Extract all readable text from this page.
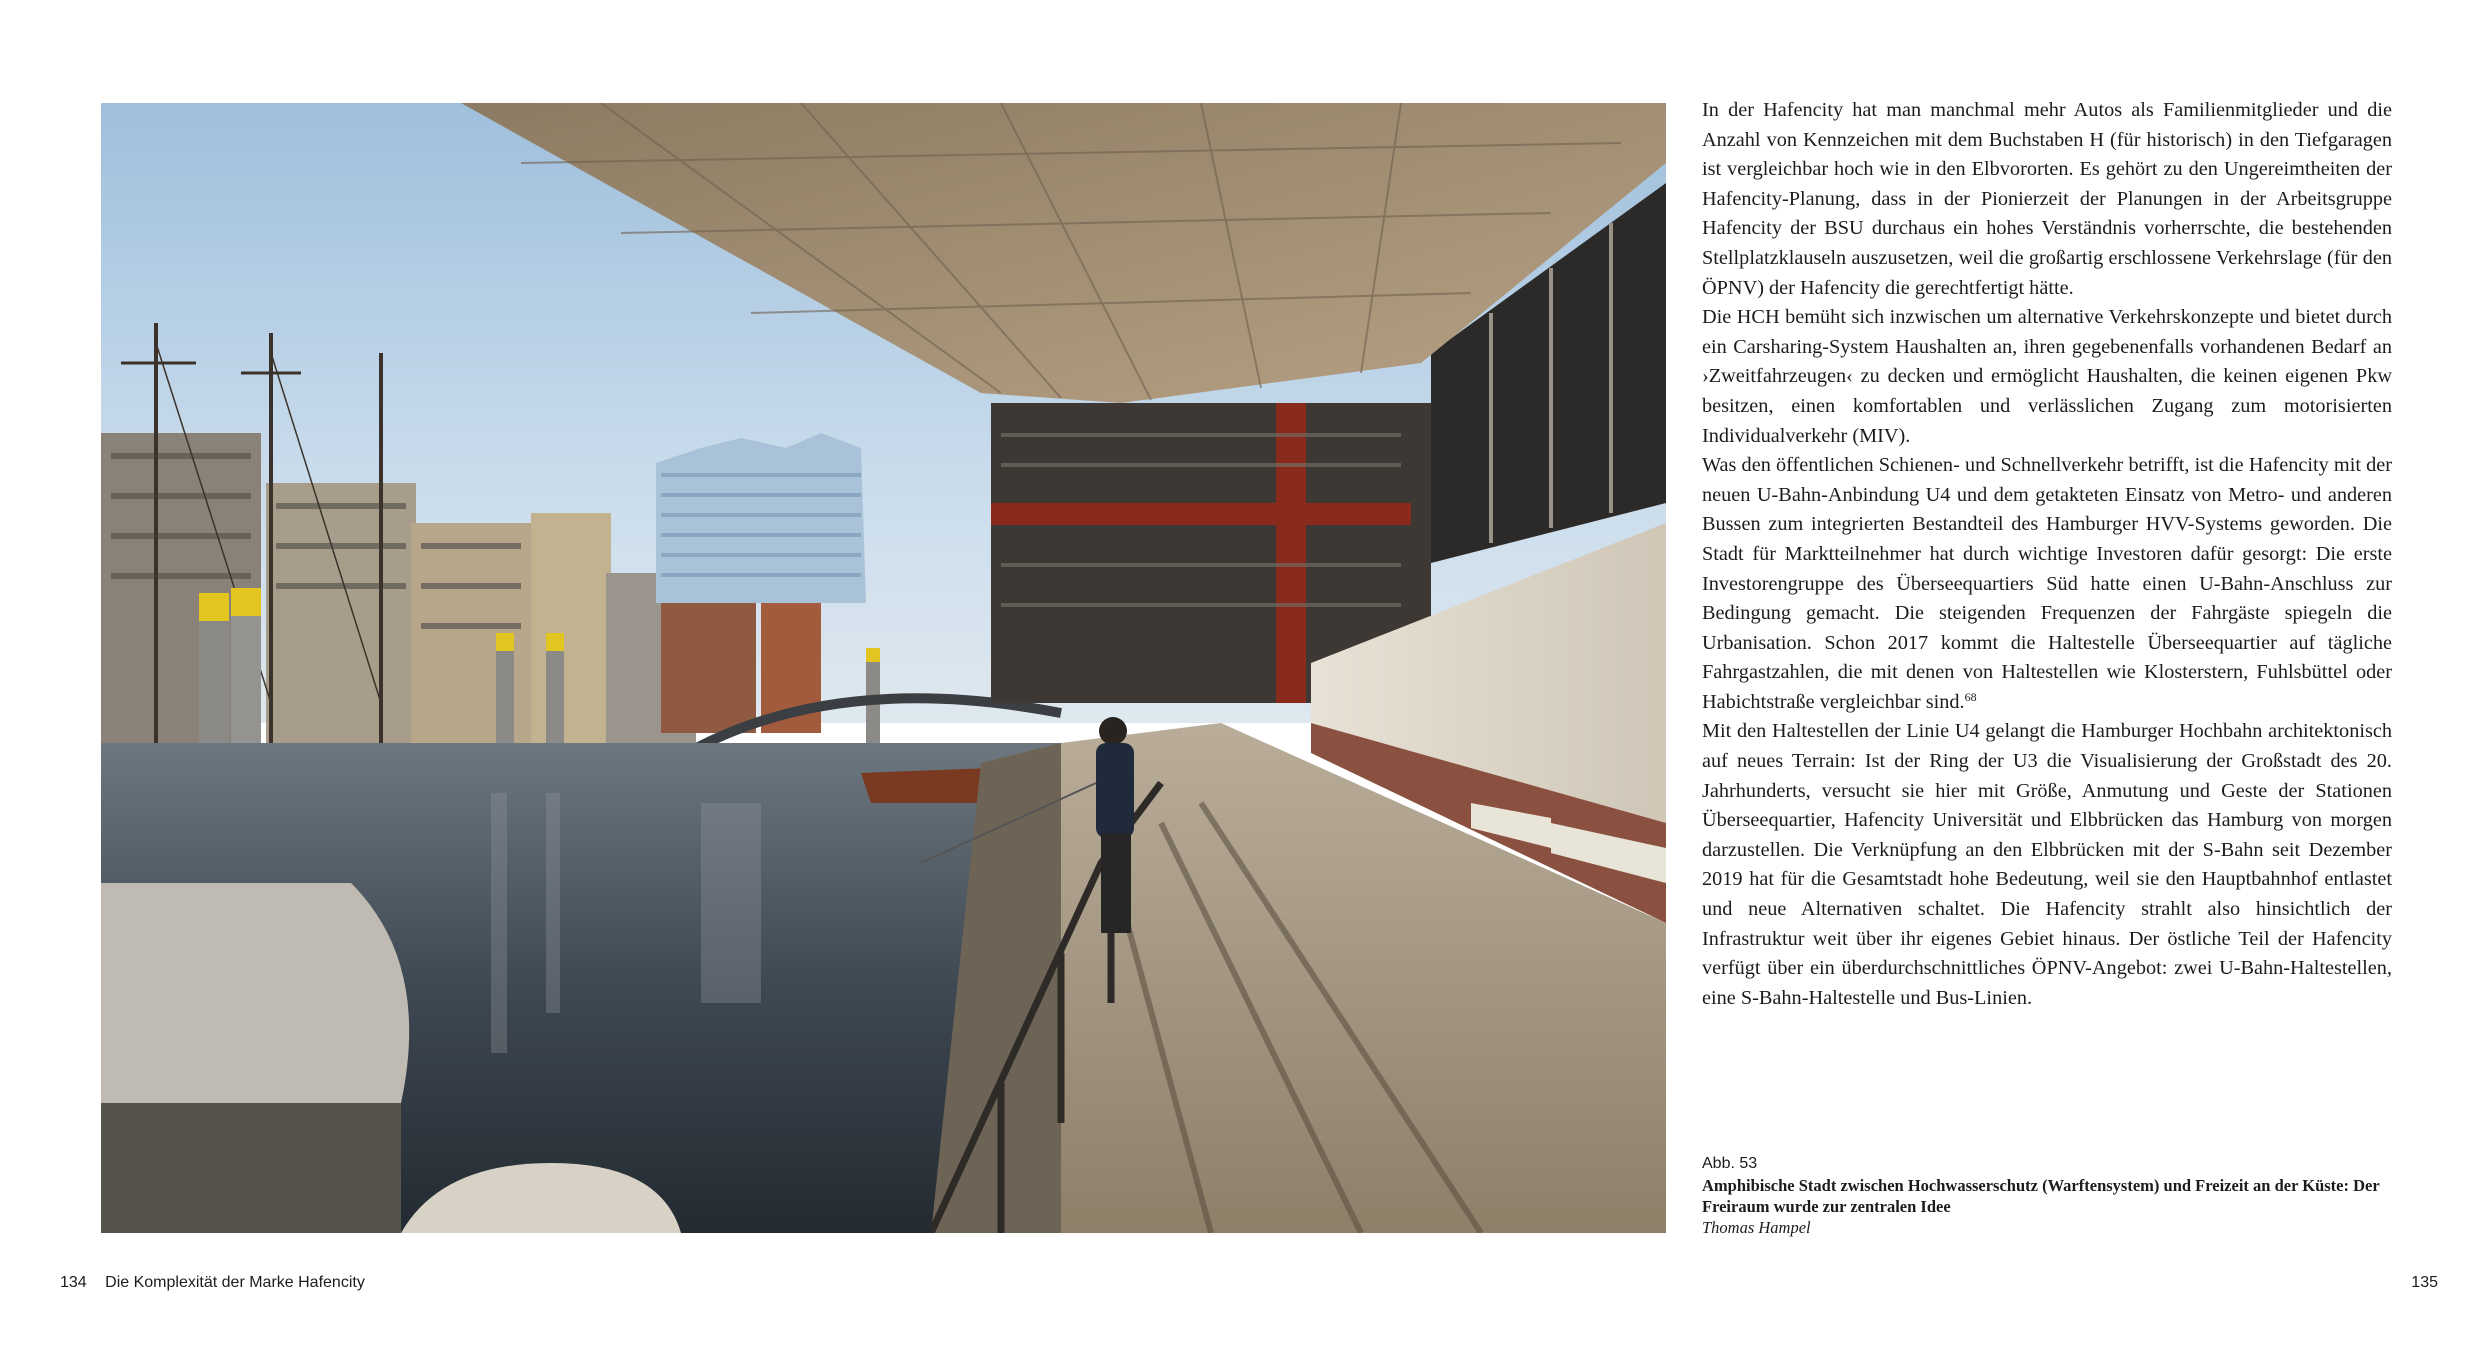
In der Hafencity hat man manchmal mehr Autos als Familienmitglieder und die Anzahl von Kennzeichen mit dem Buchstaben H (für historisch) in den Tiefgaragen ist vergleichbar hoch wie in den Elbvororten. Es gehört zu den Ungereimtheiten der Hafencity-Planung, dass in der Pionierzeit der Planungen in der Arbeitsgruppe Hafencity der BSU durchaus ein hohes Verständnis vorherrschte, die bestehenden Stellplatzklauseln auszusetzen, weil die großartig erschlossene Verkehrslage (für den ÖPNV) der Hafencity die gerechtfertigt hätte.

Die HCH bemüht sich inzwischen um alternative Verkehrskonzepte und bietet durch ein Carsharing-System Haushalten an, ihren gegebenenfalls vorhandenen Bedarf an ›Zweitfahrzeugen‹ zu decken und ermöglicht Haushalten, die keinen eigenen Pkw besitzen, einen komfortablen und verlässlichen Zugang zum motorisierten Individualverkehr (MIV).

Was den öffentlichen Schienen- und Schnellverkehr betrifft, ist die Hafencity mit der neuen U-Bahn-Anbindung U4 und dem getakteten Einsatz von Metro- und anderen Bussen zum integrierten Bestandteil des Hamburger HVV-Systems geworden. Die Stadt für Marktteilnehmer hat durch wichtige Investoren dafür gesorgt: Die erste Investorengruppe des Überseequartiers Süd hatte einen U-Bahn-Anschluss zur Bedingung gemacht. Die steigenden Frequenzen der Fahrgäste spiegeln die Urbanisation. Schon 2017 kommt die Haltestelle Überseequartier auf tägliche Fahrgastzahlen, die mit denen von Haltestellen wie Klosterstern, Fuhlsbüttel oder Habichtstraße vergleichbar sind.$^{68}$

Mit den Haltestellen der Linie U4 gelangt die Hamburger Hochbahn architektonisch auf neues Terrain: Ist der Ring der U3 die Visualisierung der Großstadt des 20. Jahrhunderts, versucht sie hier mit Größe, Anmutung und Geste der Stationen Überseequartier, Hafencity Universität und Elbbrücken das Hamburg von morgen darzustellen. Die Verknüpfung an den Elbbrücken mit der S-Bahn seit Dezember 2019 hat für die Gesamtstadt hohe Bedeutung, weil sie den Hauptbahnhof entlastet und neue Alternativen schaltet. Die Hafencity strahlt also hinsichtlich der Infrastruktur weit über ihr eigenes Gebiet hinaus. Der östliche Teil der Hafencity verfügt über ein überdurchschnittliches ÖPNV-Angebot: zwei U-Bahn-Haltestellen, eine S-Bahn-Haltestelle und Bus-Linien.

Abb. 53
Amphibische Stadt zwischen Hochwasserschutz (Warftensystem) und Freizeit an der Küste: Der Freiraum wurde zur zentralen Idee
Thomas Hampel
134 Die Komplexität der Marke Hafencity	135
